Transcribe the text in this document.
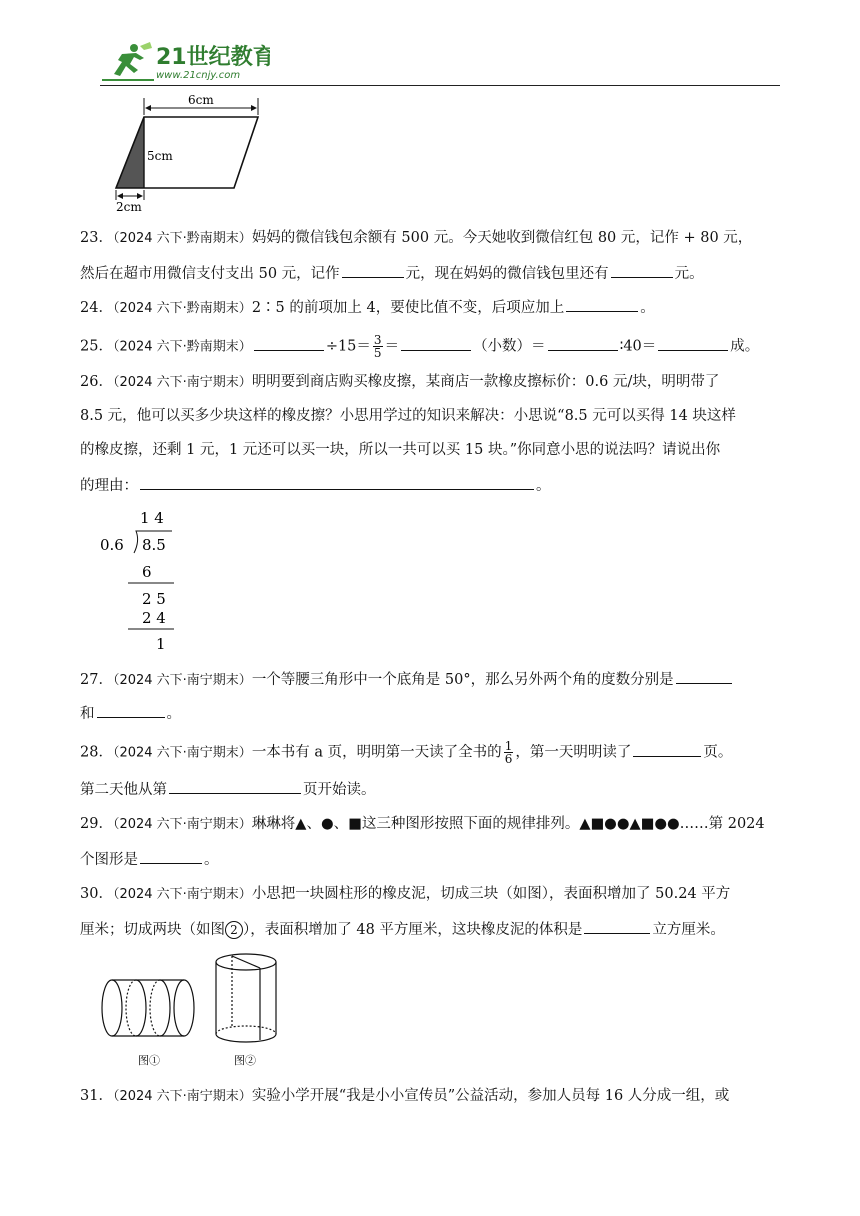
21世纪教育
www.21cnjy.com
6cm
5cm
2cm
23．（2024 六下·黔南期末）妈妈的微信钱包余额有 500 元。今天她收到微信红包 80 元，记作 + 80 元，
然后在超市用微信支付支出 50 元，记作	元，现在妈妈的微信钱包里还有	元。
24．（2024 六下·黔南期末）2∶5 的前项加上 4，要使比值不变，后项应加上	。
25．（2024 六下·黔南期末）	$\div 15= \frac{3}{5}$ ＝	（小数）＝	∶40＝	成。
26．（2024 六下·南宁期末）明明要到商店购买橡皮擦，某商店一款橡皮擦标价：0.6 元/块，明明带了
8.5 元，他可以买多少块这样的橡皮擦？小思用学过的知识来解决：小思说“8.5 元可以买得 14 块这样
的橡皮擦，还剩 1 元，1 元还可以买一块，所以一共可以买 15 块。”你同意小思的说法吗？请说出你
的理由：	。
1 4
0.6 8.5
6
2 5
2 4
1
27．（2024 六下·南宁期末）一个等腰三角形中一个底角是 50°，那么另外两个角的度数分别是
和	。
28．（2024 六下·南宁期末）一本书有 a 页，明明第一天读了全书的 $\frac{1}{6}$ ，第一天明明读了	页。
第二天他从第	页开始读。
29．（2024 六下·南宁期末）琳琳将▲、●、■这三种图形按照下面的规律排列。▲■●●▲■●●……第 2024
个图形是	。
30．（2024 六下·南宁期末）小思把一块圆柱形的橡皮泥，切成三块（如图），表面积增加了 50.24 平方
厘米；切成两块（如图 2 ），表面积增加了 48 平方厘米，这块橡皮泥的体积是	立方厘米。
图①	图②
31．（2024 六下·南宁期末）实验小学开展“我是小小宣传员”公益活动，参加人员每 16 人分成一组，或
